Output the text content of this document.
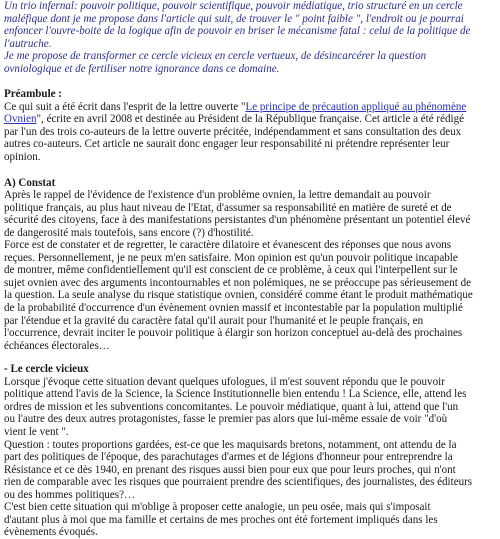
Un trio infernal: pouvoir politique, pouvoir scientifique, pouvoir médiatique, trio structuré en un cercle
maléfique dont je me propose dans l'article qui suit, de trouver le " point faible ", l'endroit ou je pourrai
enfoncer l'ouvre-boite de la logique afin de pouvoir en briser le mécanisme fatal : celui de la politique de
l'autruche.
Je me propose de transformer ce cercle vicieux en cercle vertueux, de désincarcérer la question
ovniologique et de fertiliser notre ignorance dans ce domaine.
Préambule :
Ce qui suit a été écrit dans l'esprit de la lettre ouverte "Le principe de précaution appliqué au phénomène
Ovnien", écrite en avril 2008 et destinée au Président de la République française. Cet article a été rédigé
par l'un des trois co-auteurs de la lettre ouverte précitée, indépendamment et sans consultation des deux
autres co-auteurs. Cet article ne saurait donc engager leur responsabilité ni prétendre représenter leur
opinion.
A) Constat
Après le rappel de l'évidence de l'existence d'un problème ovnien, la lettre demandait au pouvoir
politique français, au plus haut niveau de l'Etat, d'assumer sa responsabilité en matière de sureté et de
sécurité des citoyens, face à des manifestations persistantes d'un phénomène présentant un potentiel élevé
de dangerosité mais toutefois, sans encore (?) d'hostilité.
Force est de constater et de regretter, le caractère dilatoire et évanescent des réponses que nous avons
reçues. Personnellement, je ne peux m'en satisfaire. Mon opinion est qu'un pouvoir politique incapable
de montrer, même confidentiellement qu'il est conscient de ce problème, à ceux qui l'interpellent sur le
sujet ovnien avec des arguments incontournables et non polémiques, ne se préoccupe pas sérieusement de
la question. La seule analyse du risque statistique ovnien, considéré comme étant le produit mathématique
de la probabilité d'occurrence d'un évènement ovnien massif et incontestable par la population multiplié
par l'étendue et la gravité du caractère fatal qu'il aurait pour l'humanité et le peuple français, en
l'occurrence, devrait inciter le pouvoir politique à élargir son horizon conceptuel au-delà des prochaines
échéances électorales…
- Le cercle vicieux
Lorsque j'évoque cette situation devant quelques ufologues, il m'est souvent répondu que le pouvoir
politique attend l'avis de la Science, la Science Institutionnelle bien entendu ! La Science, elle, attend les
ordres de mission et les subventions concomitantes. Le pouvoir médiatique, quant à lui, attend que l'un
ou l'autre des deux autres protagonistes, fasse le premier pas alors que lui-même essaie de voir "d'où
vient le vent ".
Question : toutes proportions gardées, est-ce que les maquisards bretons, notamment, ont attendu de la
part des politiques de l'époque, des parachutages d'armes et de légions d'honneur pour entreprendre la
Résistance et ce dès 1940, en prenant des risques aussi bien pour eux que pour leurs proches, qui n'ont
rien de comparable avec les risques que pourraient prendre des scientifiques, des journalistes, des éditeurs
ou des hommes politiques?…
C'est bien cette situation qui m'oblige à proposer cette analogie, un peu osée, mais qui s'imposait
d'autant plus à moi que ma famille et certains de mes proches ont été fortement impliqués dans les
évènements évoqués.
